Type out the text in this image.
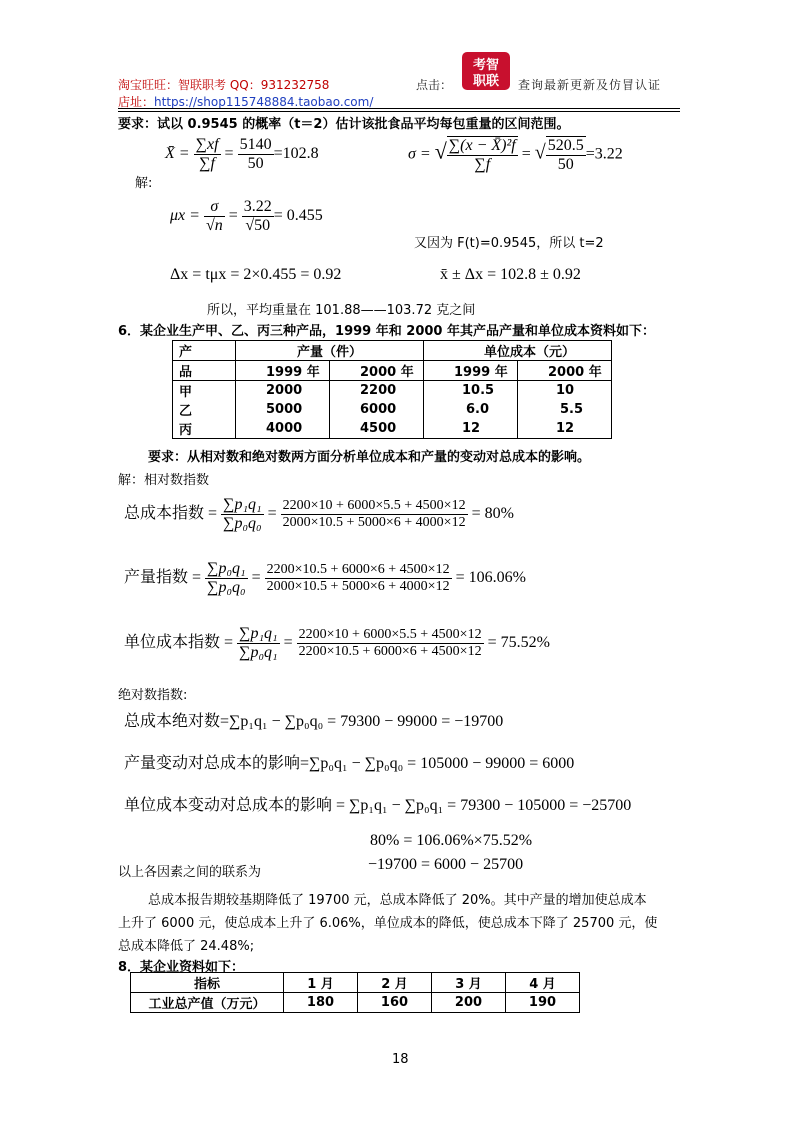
淘宝旺旺：智联职考 QQ：931232758
店址：https://shop115748884.taobao.com/
点击：
考智
职联 查询最新更新及仿冒认证
要求：试以 0.9545 的概率（t＝2）估计该批食品平均每包重量的区间范围。
X̄ = $\frac{\sum xf}{\sum f} = \frac{5140}{50} =102.8$
解:
σ = √ $\frac{\text{∑(x − X̄)²f}}{\sum f}$ = √ $\frac{520.5}{50} =3.22$
$\mu x = \frac{\sigma}{√n} = \frac{3.22}{√50} = 0.455$
又因为 F(t)=0.9545，所以 t=2
Δx = tμx = 2×0.455 = 0.92	x̄ ± Δx = 102.8 ± 0.92
所以，平均重量在 101.88——103.72 克之间
6．某企业生产甲、乙、丙三种产品，1999 年和 2000 年其产品产量和单位成本资料如下：
产	产量（件）		单位成本（元）	
品	1999 年	2000 年	1999 年	2000 年
甲	2000	2200	10.5	10
乙	5000	6000	6.0	5.5
丙	4000	4500	12	12
要求：从相对数和绝对数两方面分析单位成本和产量的变动对总成本的影响。
解：相对数指数
总成本指数 = $\frac{\text{∑p₁q₁}}{\text{∑p₀q₀}} = \frac{2200\times 10 + 6000\times 5.5 + 4500\times 12}{2000\times 10.5 + 5000\times 6 + 4000\times 12} = 80\%$
产量指数 = $\frac{\text{∑p₀q₁}}{\text{∑p₀q₀}} = \frac{2200\times 10.5 + 6000\times 6 + 4500\times 12}{2000\times 10.5 + 5000\times 6 + 4000\times 12} = 106.06\%$
单位成本指数 = $\frac{\text{∑p₁q₁}}{\text{∑p₀q₁}} = \frac{2200\times 10 + 6000\times 5.5 + 4500\times 12}{2200\times 10.5 + 6000\times 6 + 4500\times 12} = 75.52\%$
绝对数指数:
总成本绝对数=∑p₁q₁ − ∑p₀q₀ = 79300 − 99000 = −19700
产量变动对总成本的影响=∑p₀q₁ − ∑p₀q₀ = 105000 − 99000 = 6000
单位成本变动对总成本的影响 = ∑p₁q₁ − ∑p₀q₁ = 79300 − 105000 = −25700
80% = 106.06%×75.52%
以上各因素之间的联系为	−19700 = 6000 − 25700
总成本报告期较基期降低了 19700 元，总成本降低了 20%。其中产量的增加使总成本
上升了 6000 元，使总成本上升了 6.06%，单位成本的降低，使总成本下降了 25700 元，使
总成本降低了 24.48%;
8．某企业资料如下：
指标	1 月	2 月	3 月	4 月
工业总产值（万元）	180	160	200	190
18
